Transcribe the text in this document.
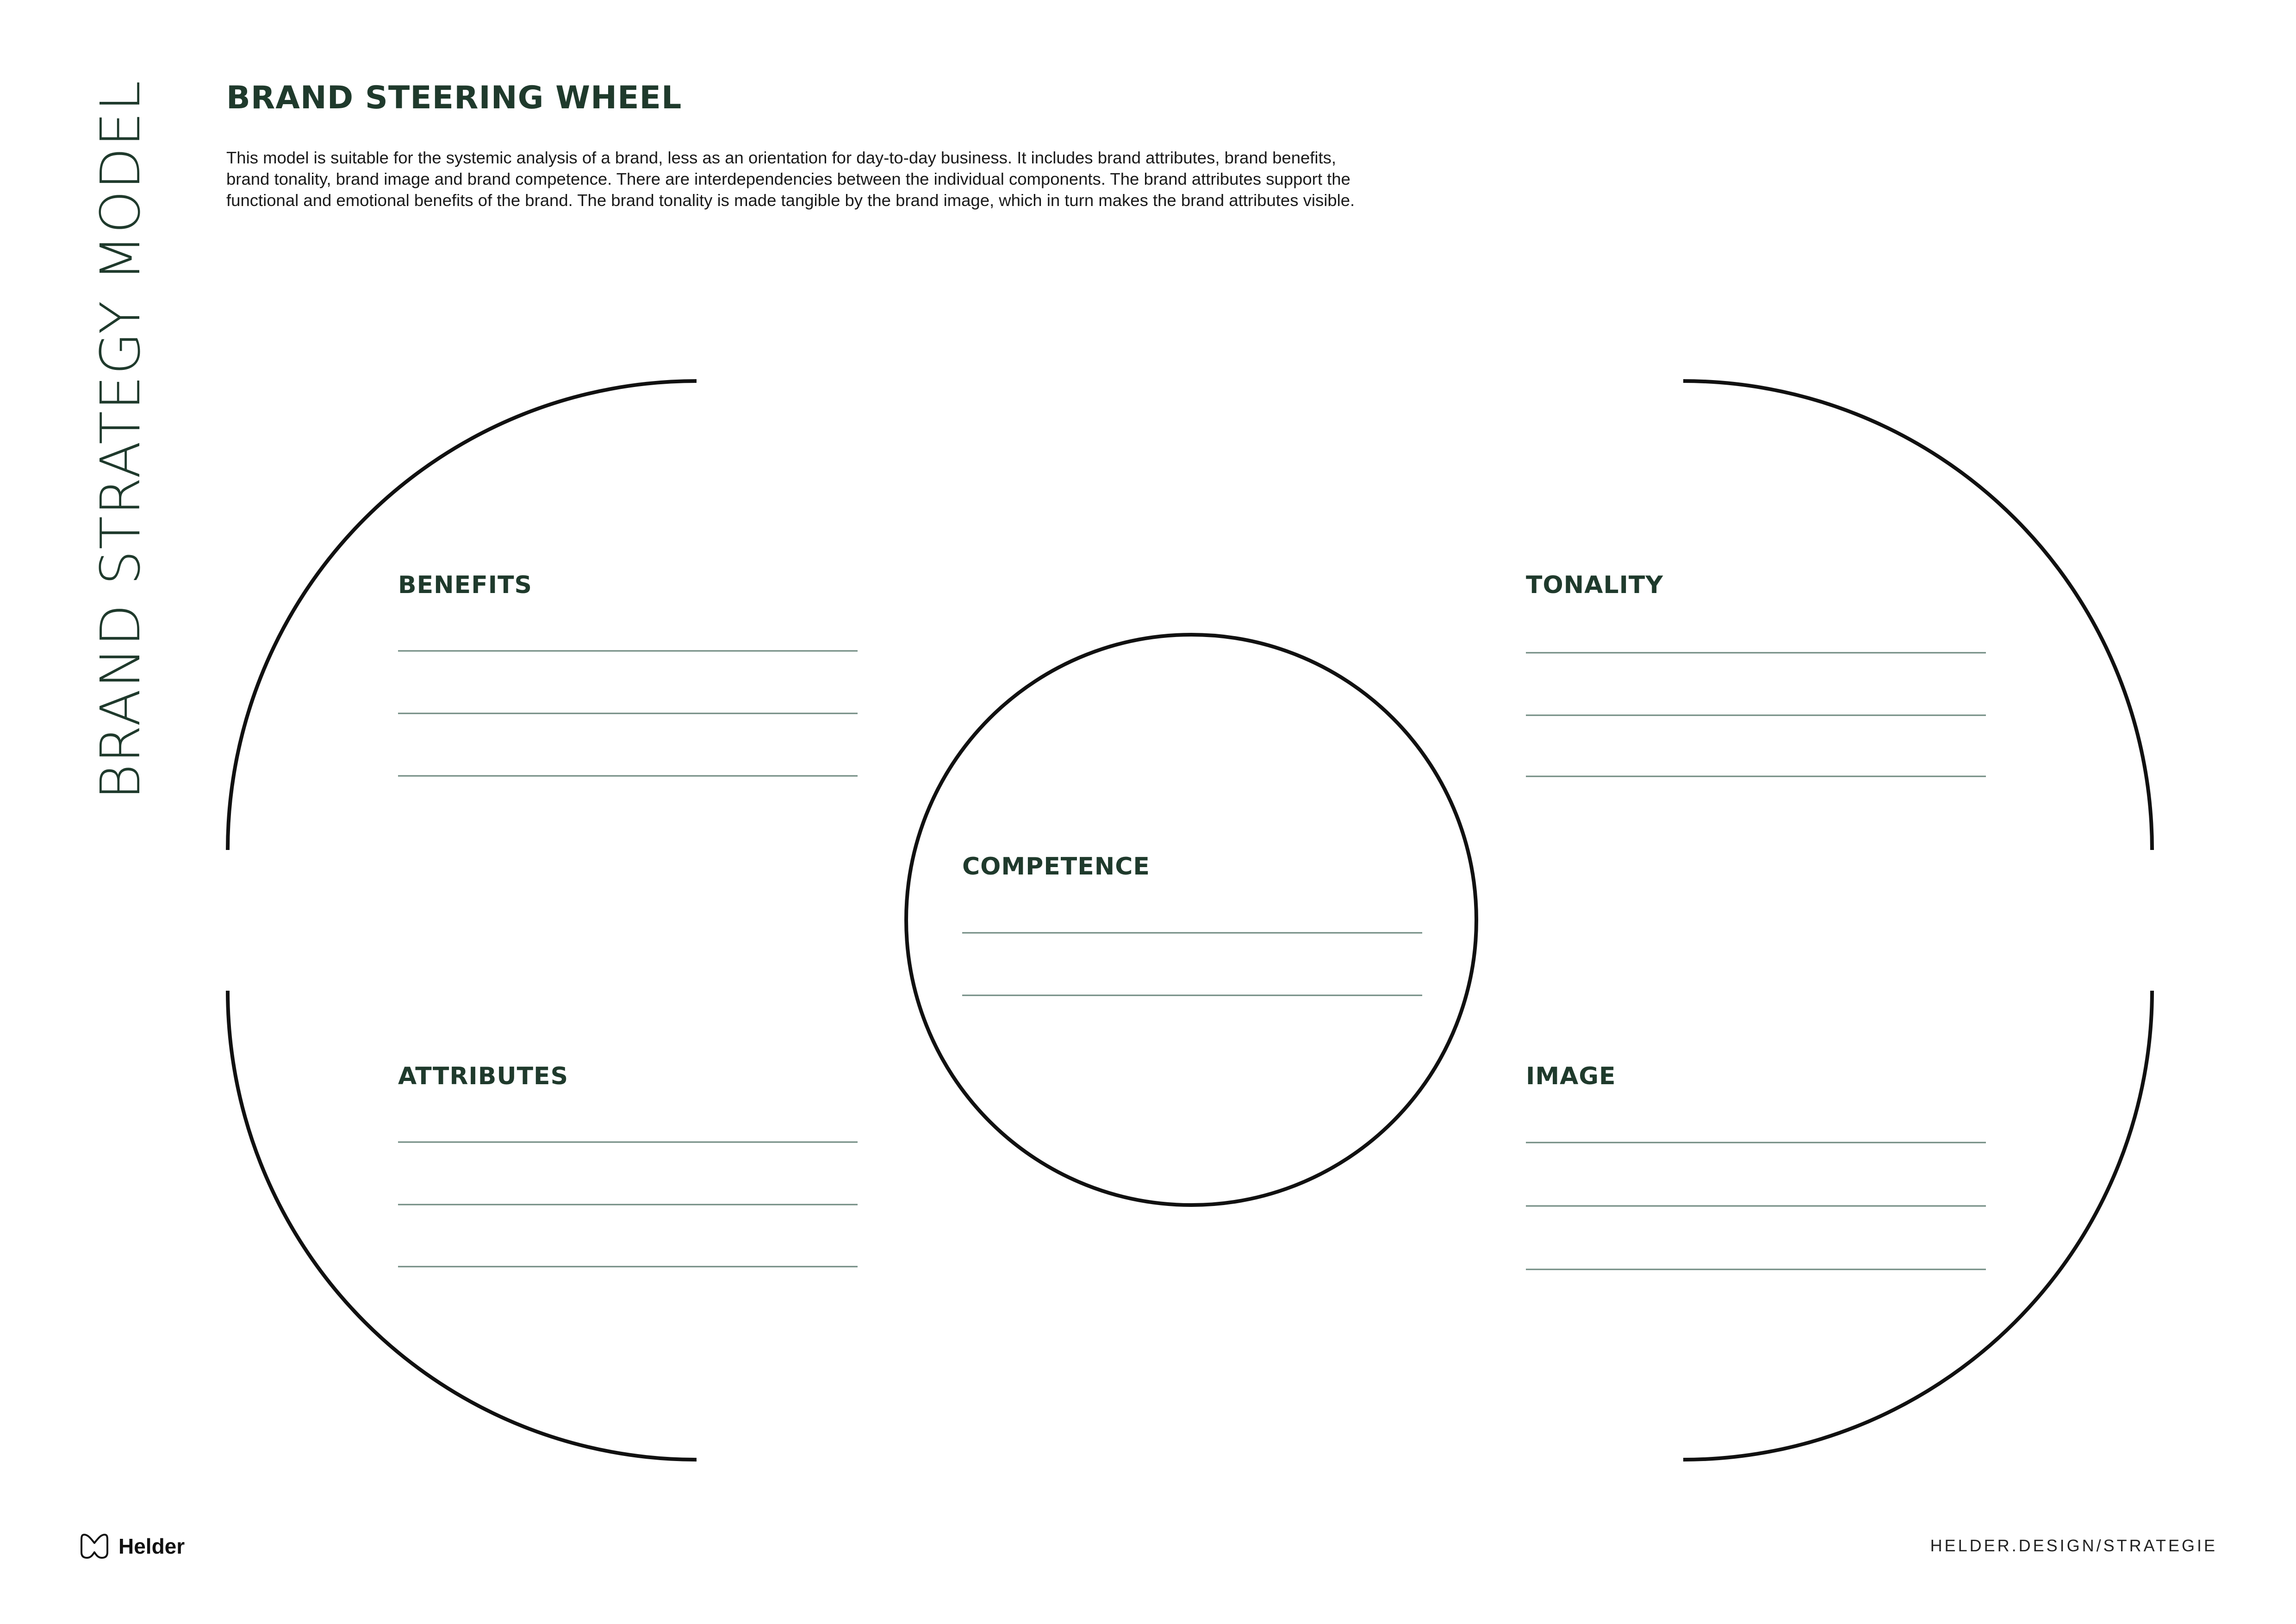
BRAND STRATEGY MODEL BRAND STEERING WHEEL
This model is suitable for the systemic analysis of a brand, less as an orientation for day-to-day business. It includes brand attributes, brand benefits, brand tonality, brand image and brand competence. There are interdependencies between the individual components. The brand attributes support the functional and emotional benefits of the brand. The brand tonality is made tangible by the brand image, which in turn makes the brand attributes visible.
BENEFITS	TONALITY
COMPETENCE
ATTRIBUTES	IMAGE
Helder	HELDER.DESIGN/STRATEGIE
